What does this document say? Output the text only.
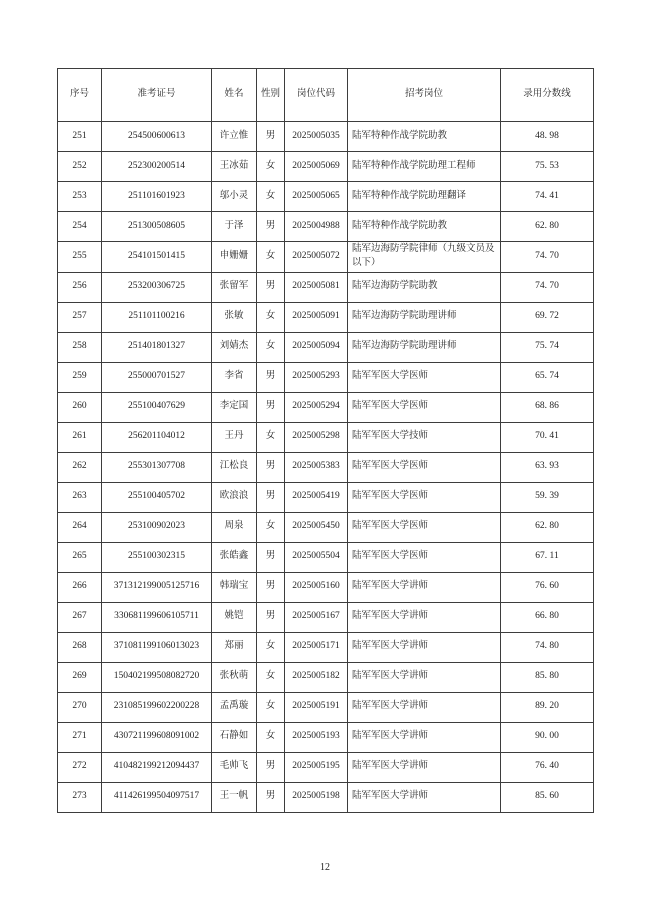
序号	准考证号	姓名	性别	岗位代码	招考岗位	录用分数线
251	254500600613	许立惟	男	2025005035	陆军特种作战学院助教	48. 98
252	252300200514	王冰茹	女	2025005069	陆军特种作战学院助理工程师	75. 53
253	251101601923	邬小灵	女	2025005065	陆军特种作战学院助理翻译	74. 41
254	251300508605	于泽	男	2025004988	陆军特种作战学院助教	62. 80
255	254101501415	申姗姗	女	2025005072	陆军边海防学院律师（九级文员及以下）	74. 70
256	253200306725	张留军	男	2025005081	陆军边海防学院助教	74. 70
257	251101100216	张敏	女	2025005091	陆军边海防学院助理讲师	69. 72
258	251401801327	刘婧杰	女	2025005094	陆军边海防学院助理讲师	75. 74
259	255000701527	李省	男	2025005293	陆军军医大学医师	65. 74
260	255100407629	李定国	男	2025005294	陆军军医大学医师	68. 86
261	256201104012	王丹	女	2025005298	陆军军医大学技师	70. 41
262	255301307708	江松良	男	2025005383	陆军军医大学医师	63. 93
263	255100405702	欧浪浪	男	2025005419	陆军军医大学医师	59. 39
264	253100902023	周泉	女	2025005450	陆军军医大学医师	62. 80
265	255100302315	张皓鑫	男	2025005504	陆军军医大学医师	67. 11
266	371312199005125716	韩瑞宝	男	2025005160	陆军军医大学讲师	76. 60
267	330681199606105711	姚铠	男	2025005167	陆军军医大学讲师	66. 80
268	371081199106013023	郑丽	女	2025005171	陆军军医大学讲师	74. 80
269	150402199508082720	张秋萌	女	2025005182	陆军军医大学讲师	85. 80
270	231085199602200228	孟禹璇	女	2025005191	陆军军医大学讲师	89. 20
271	430721199608091002	石静如	女	2025005193	陆军军医大学讲师	90. 00
272	410482199212094437	毛帅飞	男	2025005195	陆军军医大学讲师	76. 40
273	411426199504097517	王一帆	男	2025005198	陆军军医大学讲师	85. 60
12
